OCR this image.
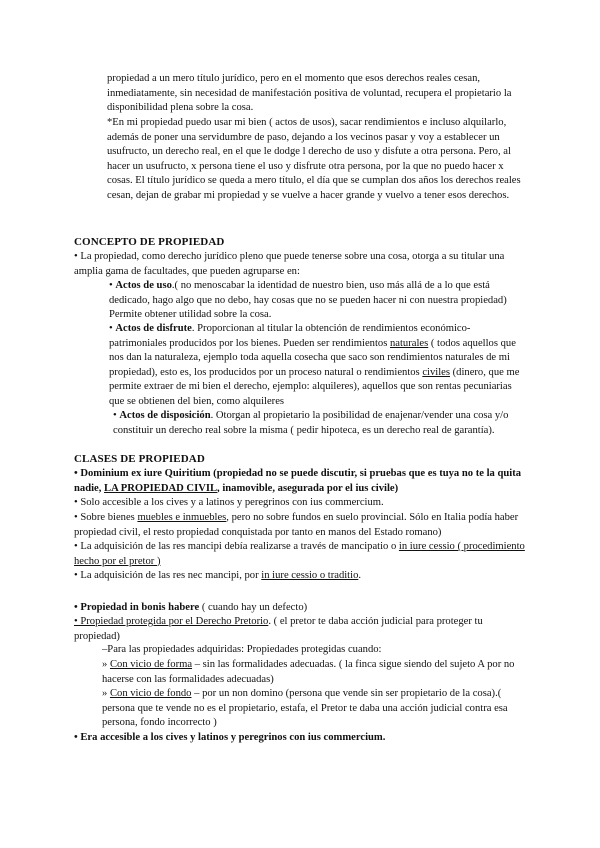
propiedad a un mero título jurídico, pero en el momento que esos derechos reales cesan, inmediatamente, sin necesidad de manifestación positiva de voluntad, recupera el propietario la disponibilidad plena sobre la cosa.

*En mi propiedad puedo usar mi bien ( actos de usos), sacar rendimientos e incluso alquilarlo, además de poner una servidumbre de paso, dejando a los vecinos pasar y voy a establecer un usufructo, un derecho real, en el que le dodge l derecho de uso y disfute a otra persona. Pero, al hacer un usufructo, x persona tiene el uso y disfrute otra persona, por la que no puedo hacer x cosas. El título jurídico se queda a mero título, el día que se cumplan dos años los derechos reales cesan, dejan de grabar mi propiedad y se vuelve a hacer grande y vuelvo a tener esos derechos.

CONCEPTO DE PROPIEDAD

• La propiedad, como derecho jurídico pleno que puede tenerse sobre una cosa, otorga a su titular una amplia gama de facultades, que pueden agruparse en:

• Actos de uso.( no menoscabar la identidad de nuestro bien, uso más allá de a lo que está dedicado, hago algo que no debo, hay cosas que no se pueden hacer ni con nuestra propiedad) Permite obtener utilidad sobre la cosa.

• Actos de disfrute. Proporcionan al titular la obtención de rendimientos económico-patrimoniales producidos por los bienes. Pueden ser rendimientos naturales ( todos aquellos que nos dan la naturaleza, ejemplo toda aquella cosecha que saco son rendimientos naturales de mi propiedad), esto es, los producidos por un proceso natural o rendimientos civiles (dinero, que me permite extraer de mi bien el derecho, ejemplo: alquileres), aquellos que son rentas pecuniarias que se obtienen del bien, como alquileres

• Actos de disposición. Otorgan al propietario la posibilidad de enajenar/vender una cosa y/o constituir un derecho real sobre la misma ( pedir hipoteca, es un derecho real de garantía).

CLASES DE PROPIEDAD

• Dominium ex iure Quiritium (propiedad no se puede discutir, si pruebas que es tuya no te la quita nadie, LA PROPIEDAD CIVIL, inamovible, asegurada por el ius civile)

• Solo accesible a los cives y a latinos y peregrinos con ius commercium.

• Sobre bienes muebles e inmuebles, pero no sobre fundos en suelo provincial. Sólo en Italia podía haber propiedad civil, el resto propiedad conquistada por tanto en manos del Estado romano)

• La adquisición de las res mancipi debía realizarse a través de mancipatio o in iure cessio ( procedimiento hecho por el pretor )

• La adquisición de las res nec mancipi, por in iure cessio o traditio.

• Propiedad in bonis habere ( cuando hay un defecto)

• Propiedad protegida por el Derecho Pretorio. ( el pretor te daba acción judicial para proteger tu propiedad)

–Para las propiedades adquiridas: Propiedades protegidas cuando:

» Con vicio de forma – sin las formalidades adecuadas. ( la finca sigue siendo del sujeto A por no hacerse con las formalidades adecuadas)

» Con vicio de fondo – por un non domino (persona que vende sin ser propietario de la cosa).( persona que te vende no es el propietario, estafa, el Pretor te daba una acción judicial contra esa persona, fondo incorrecto )

• Era accesible a los cives y latinos y peregrinos con ius commercium.
